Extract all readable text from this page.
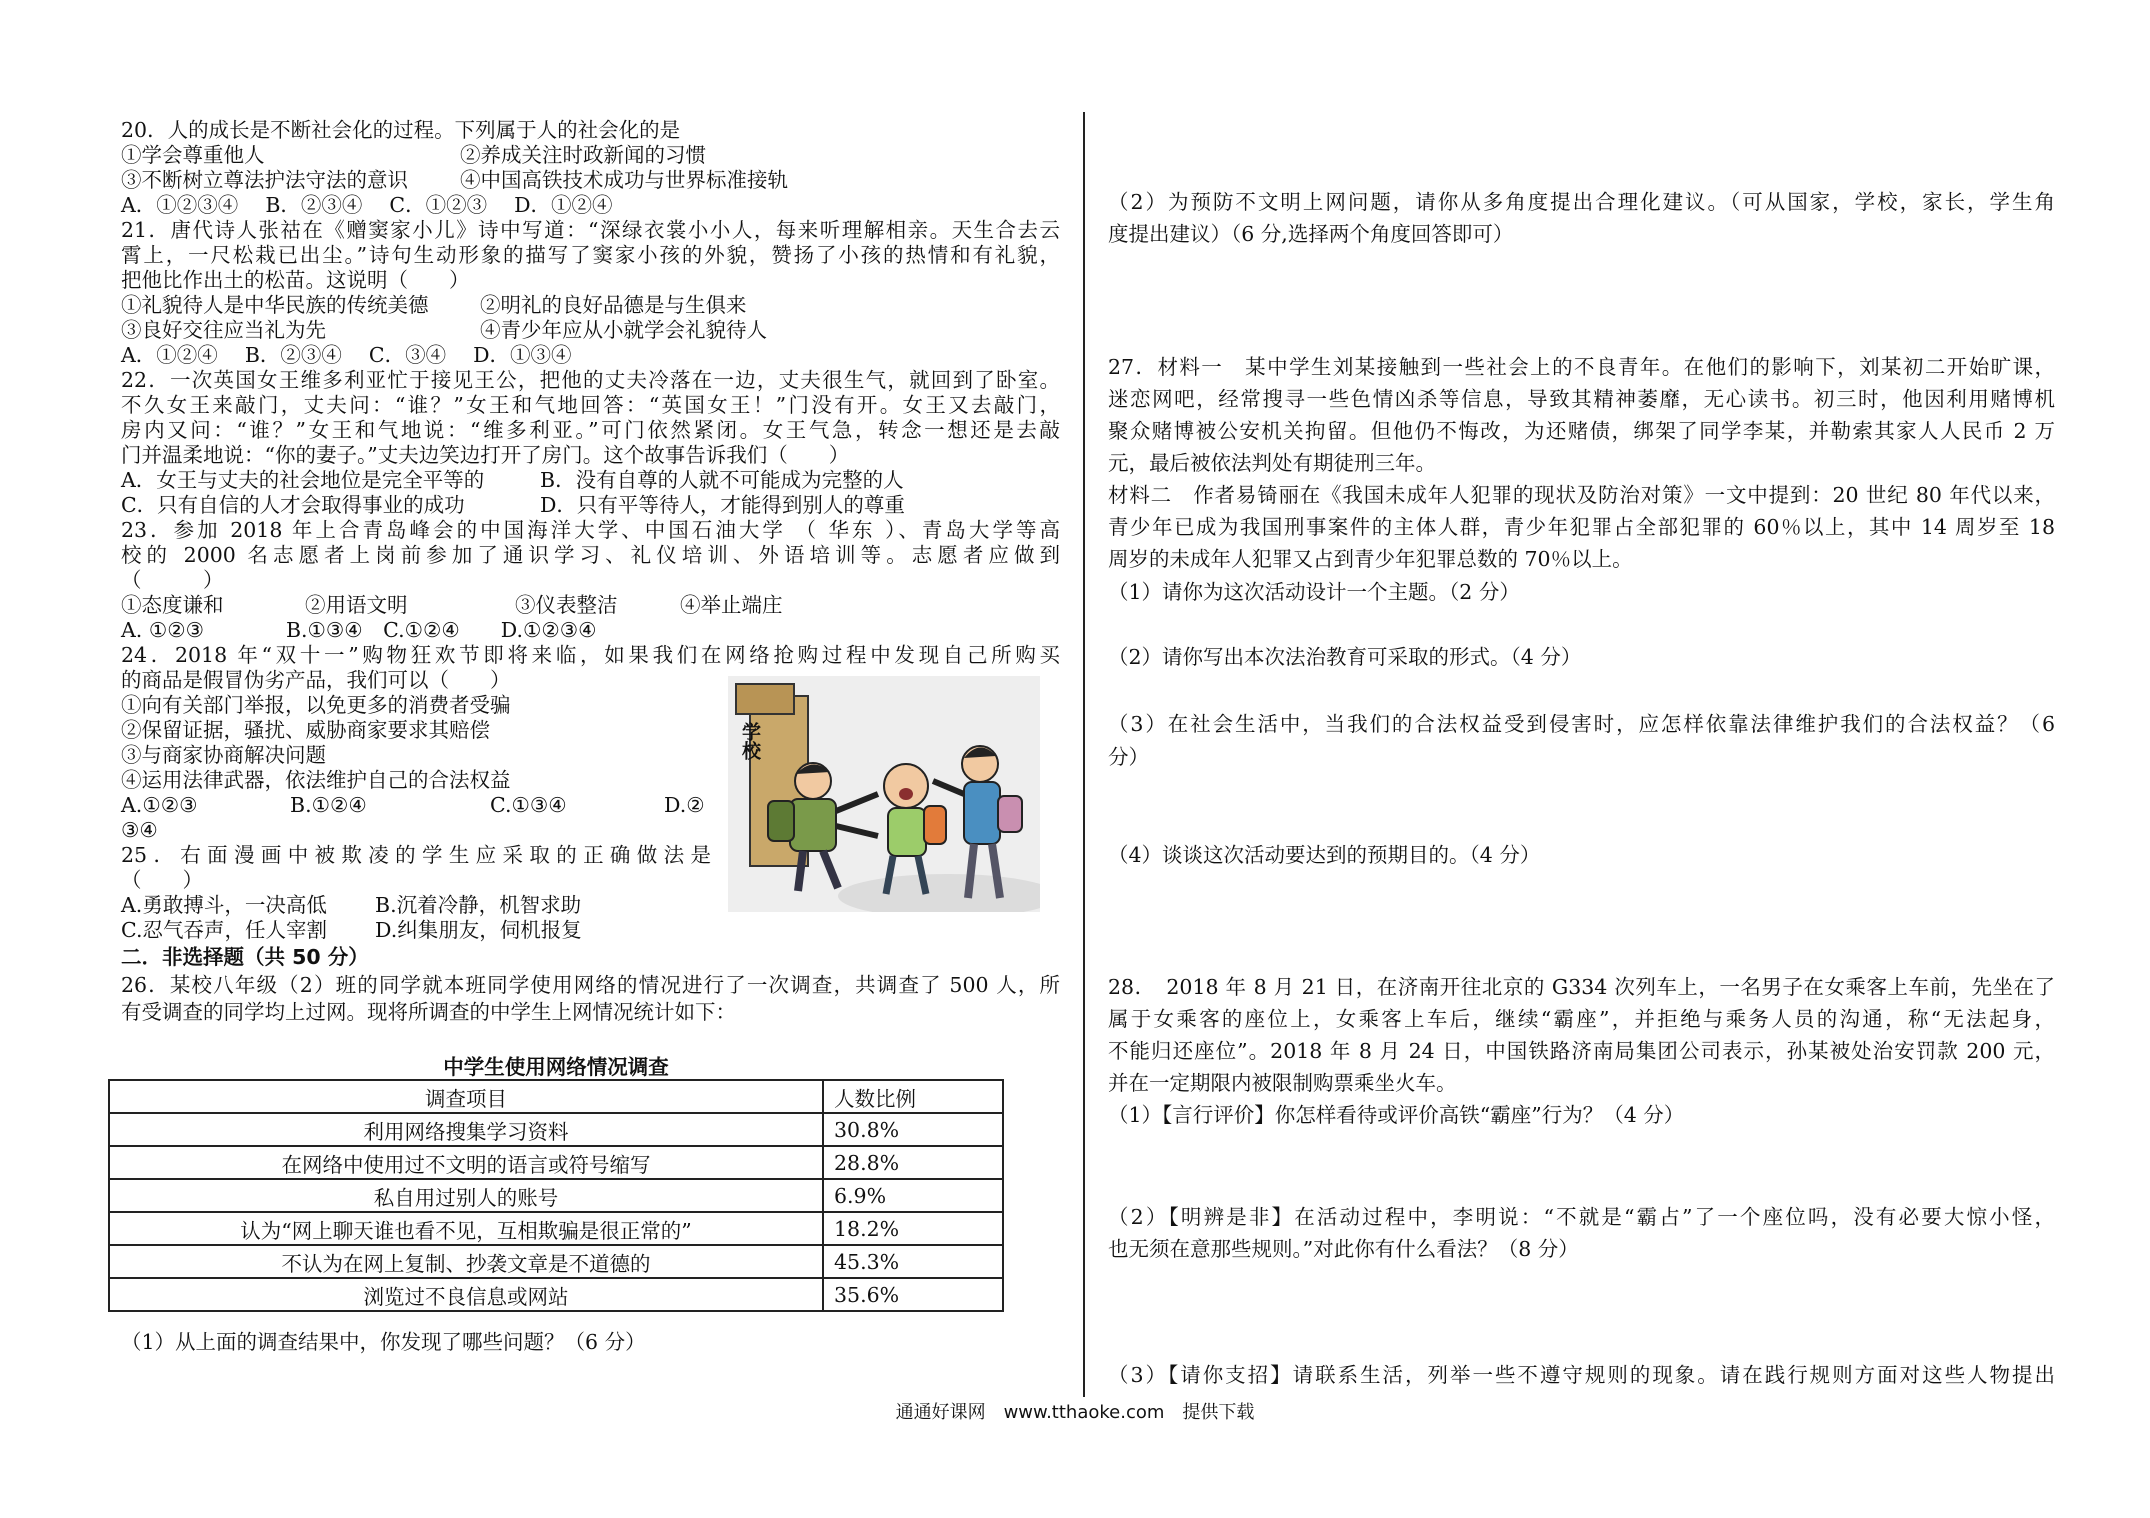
20．人的成长是不断社会化的过程。下列属于人的社会化的是
①学会尊重他人	②养成关注时政新闻的习惯
③不断树立尊法护法守法的意识	④中国高铁技术成功与世界标准接轨
A．①②③④　 B．②③④　 C．①②③　 D．①②④
21．唐代诗人张祜在《赠窦家小儿》诗中写道：“深绿衣裳小小人，每来听理解相亲。天生合去云
霄上，一尺松栽已出尘。”诗句生动形象的描写了窦家小孩的外貌，赞扬了小孩的热情和有礼貌，
把他比作出土的松苗。这说明（　　）
①礼貌待人是中华民族的传统美德	②明礼的良好品德是与生俱来
③良好交往应当礼为先	④青少年应从小就学会礼貌待人
A．①②④　 B．②③④　 C．③④　 D．①③④
22．一次英国女王维多利亚忙于接见王公，把他的丈夫冷落在一边，丈夫很生气，就回到了卧室。
不久女王来敲门，丈夫问：“谁？”女王和气地回答：“英国女王！”门没有开。女王又去敲门，
房内又问：“谁？”女王和气地说：“维多利亚。”可门依然紧闭。女王气急，转念一想还是去敲
门并温柔地说：“你的妻子。”丈夫边笑边打开了房门。这个故事告诉我们（　　）
A．女王与丈夫的社会地位是完全平等的	B．没有自尊的人就不可能成为完整的人
C．只有自信的人才会取得事业的成功	D．只有平等待人，才能得到别人的尊重
23．参加 2018 年上合青岛峰会的中国海洋大学、中国石油大学 （ 华东 ）、青岛大学等高
校的 2000 名志愿者上岗前参加了通识学习、礼仪培训、外语培训等。志愿者应做到
（　　　）
①态度谦和	②用语文明	③仪表整洁	④举止端庄
A. ①②③　　　　B.①③④　C.①②④　　D.①②③④
24．2018 年“双十一”购物狂欢节即将来临，如果我们在网络抢购过程中发现自己所购买
的商品是假冒伪劣产品，我们可以（　　）
①向有关部门举报，以免更多的消费者受骗
②保留证据，骚扰、威胁商家要求其赔偿
③与商家协商解决问题
④运用法律武器，依法维护自己的合法权益
A.①②③	B.①②④	C.①③④	D.②
③④
25．右面漫画中被欺凌的学生应采取的正确做法是
（　　）
A.勇敢搏斗，一决高低 B.沉着冷静，机智求助
C.忍气吞声，任人宰割 D.纠集朋友，伺机报复
学校
二．非选择题（共 50 分）
26．某校八年级（2）班的同学就本班同学使用网络的情况进行了一次调查，共调查了 500 人，所
有受调查的同学均上过网。现将所调查的中学生上网情况统计如下：
中学生使用网络情况调查
调查项目	人数比例
利用网络搜集学习资料	30.8%
在网络中使用过不文明的语言或符号缩写	28.8%
私自用过别人的账号	6.9%
认为“网上聊天谁也看不见，互相欺骗是很正常的”	18.2%
不认为在网上复制、抄袭文章是不道德的	45.3%
浏览过不良信息或网站	35.6%
（1）从上面的调查结果中，你发现了哪些问题？（6 分）
（2）为预防不文明上网问题，请你从多角度提出合理化建议。（可从国家，学校，家长，学生角
度提出建议）（6 分,选择两个角度回答即可）
27．材料一　某中学生刘某接触到一些社会上的不良青年。在他们的影响下，刘某初二开始旷课，
迷恋网吧，经常搜寻一些色情凶杀等信息，导致其精神萎靡，无心读书。初三时，他因利用赌博机
聚众赌博被公安机关拘留。但他仍不悔改，为还赌债，绑架了同学李某，并勒索其家人人民币 2 万
元，最后被依法判处有期徒刑三年。
材料二　作者易锜丽在《我国未成年人犯罪的现状及防治对策》一文中提到：20 世纪 80 年代以来，
青少年已成为我国刑事案件的主体人群，青少年犯罪占全部犯罪的 60％以上，其中 14 周岁至 18
周岁的未成年人犯罪又占到青少年犯罪总数的 70％以上。
（1）请你为这次活动设计一个主题。（2 分）
（2）请你写出本次法治教育可采取的形式。（4 分）
（3）在社会生活中，当我们的合法权益受到侵害时，应怎样依靠法律维护我们的合法权益？（6
分）
（4）谈谈这次活动要达到的预期目的。（4 分）
28．　2018 年 8 月 21 日，在济南开往北京的 G334 次列车上，一名男子在女乘客上车前，先坐在了
属于女乘客的座位上，女乘客上车后，继续“霸座”，并拒绝与乘务人员的沟通，称“无法起身，
不能归还座位”。2018 年 8 月 24 日，中国铁路济南局集团公司表示，孙某被处治安罚款 200 元，
并在一定期限内被限制购票乘坐火车。
（1）【言行评价】你怎样看待或评价高铁“霸座”行为？（4 分）
（2）【明辨是非】在活动过程中，李明说：“不就是“霸占”了一个座位吗，没有必要大惊小怪，
也无须在意那些规则。”对此你有什么看法？（8 分）
（3）【请你支招】请联系生活，列举一些不遵守规则的现象。请在践行规则方面对这些人物提出
通通好课网　www.tthaoke.com　提供下载
